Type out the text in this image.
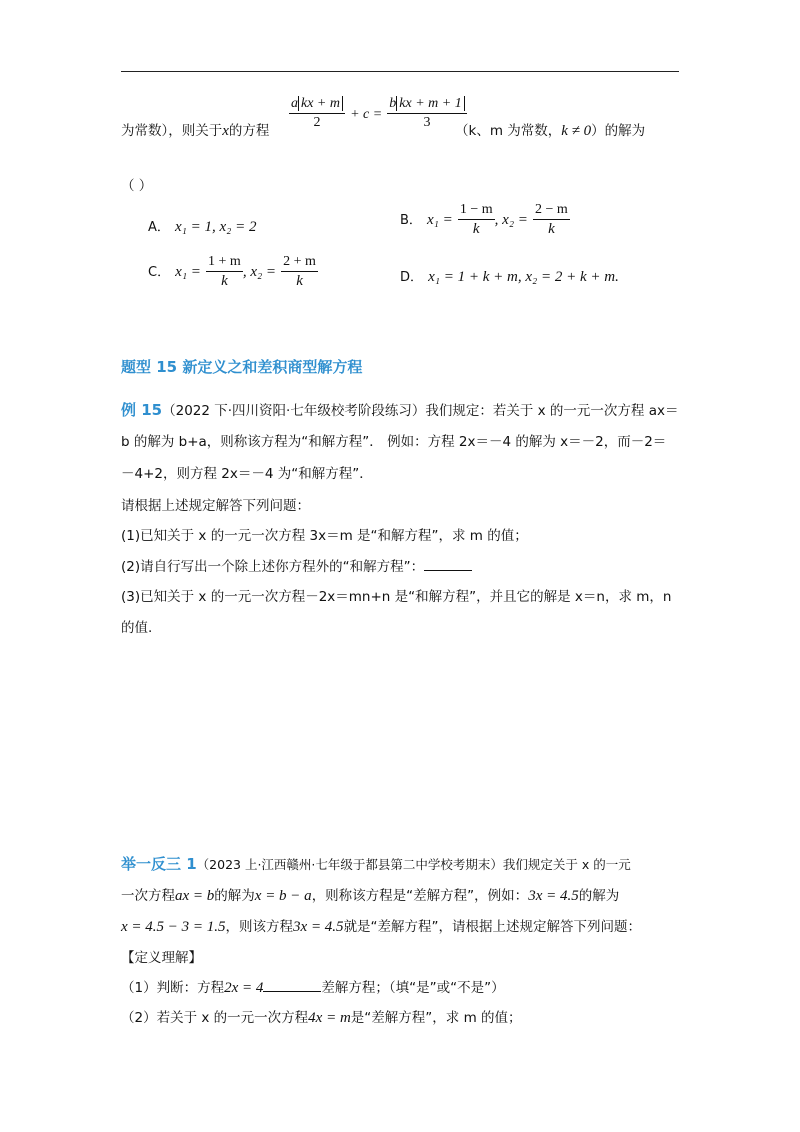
为常数），则关于x的方程 $\frac{\text{a kx + m}}{2} + c = \frac{\text{b kx + m + 1}}{3}$
（k、m 为常数，k ≠ 0）的解为
（ ）
A． x₁ = 1, x₂ = 2	B． $x_1 = \frac{1 - m}{k}$ , $x_2 = \frac{2 - m}{k}$
C． $x_1 = \frac{1 + m}{k}$ , $x_2 = \frac{2 + m}{k}$	D． x₁ = 1 + k + m, x₂ = 2 + k + m.
题型 15 新定义之和差积商型解方程
例 15（2022 下·四川资阳·七年级校考阶段练习）我们规定：若关于 x 的一元一次方程 ax＝
b 的解为 b+a，则称该方程为“和解方程”． 例如：方程 2x＝－4 的解为 x＝－2，而－2＝
－4+2，则方程 2x＝－4 为“和解方程”．
请根据上述规定解答下列问题：
(1)已知关于 x 的一元一次方程 3x＝m 是“和解方程”，求 m 的值；
(2)请自行写出一个除上述你方程外的“和解方程”：
(3)已知关于 x 的一元一次方程－2x＝mn+n 是“和解方程”，并且它的解是 x＝n，求 m，n
的值.
举一反三 1（2023 上·江西赣州·七年级于都县第二中学校考期末）我们规定关于 x 的一元
一次方程ax = b的解为x = b − a，则称该方程是“差解方程”，例如：3x = 4.5的解为
x = 4.5 − 3 = 1.5，则该方程3x = 4.5就是“差解方程”，请根据上述规定解答下列问题：
【定义理解】
（1）判断：方程2x = 4	差解方程；（填“是”或“不是”）
（2）若关于 x 的一元一次方程4x = m是“差解方程”，求 m 的值；
